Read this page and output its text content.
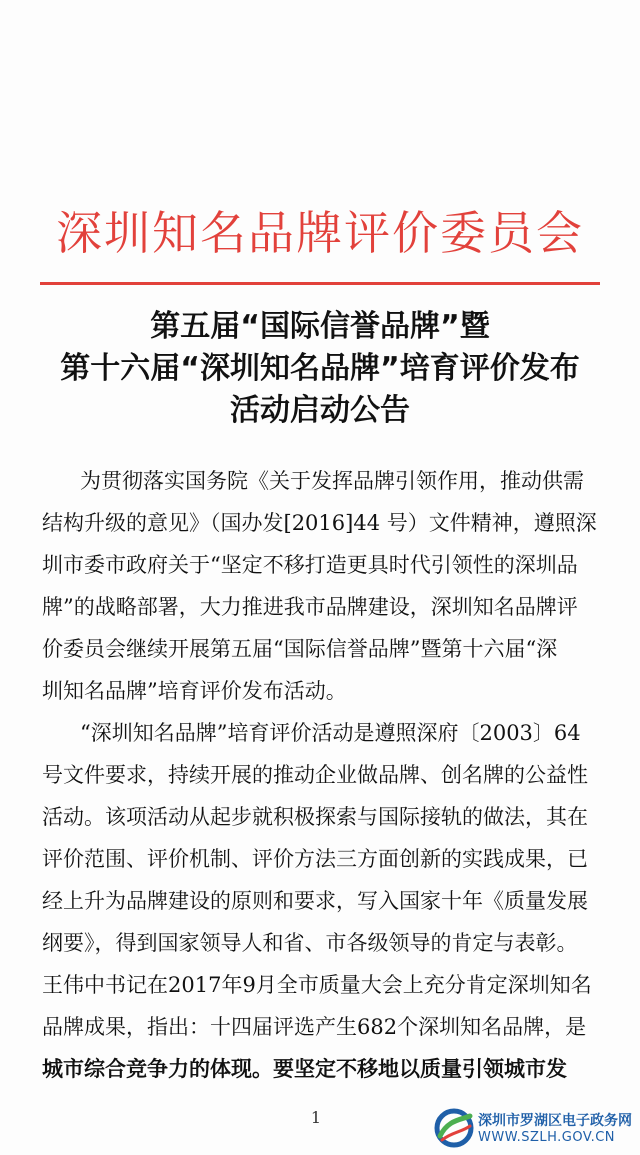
深圳知名品牌评价委员会
第五届“国际信誉品牌”暨
第十六届“深圳知名品牌”培育评价发布
活动启动公告
为贯彻落实国务院《关于发挥品牌引领作用，推动供需
结构升级的意见》（国办发[2016]44 号）文件精神，遵照深
圳市委市政府关于“坚定不移打造更具时代引领性的深圳品
牌”的战略部署，大力推进我市品牌建设，深圳知名品牌评
价委员会继续开展第五届“国际信誉品牌”暨第十六届“深
圳知名品牌”培育评价发布活动。
“深圳知名品牌”培育评价活动是遵照深府〔2003〕64
号文件要求，持续开展的推动企业做品牌、创名牌的公益性
活动。该项活动从起步就积极探索与国际接轨的做法，其在
评价范围、评价机制、评价方法三方面创新的实践成果，已
经上升为品牌建设的原则和要求，写入国家十年《质量发展
纲要》，得到国家领导人和省、市各级领导的肯定与表彰。
王伟中书记在2017年9月全市质量大会上充分肯定深圳知名
品牌成果，指出：十四届评选产生682个深圳知名品牌，是
城市综合竞争力的体现。要坚定不移地以质量引领城市发
1	深圳市罗湖区电子政务网
WWW.SZLH.GOV.CN
